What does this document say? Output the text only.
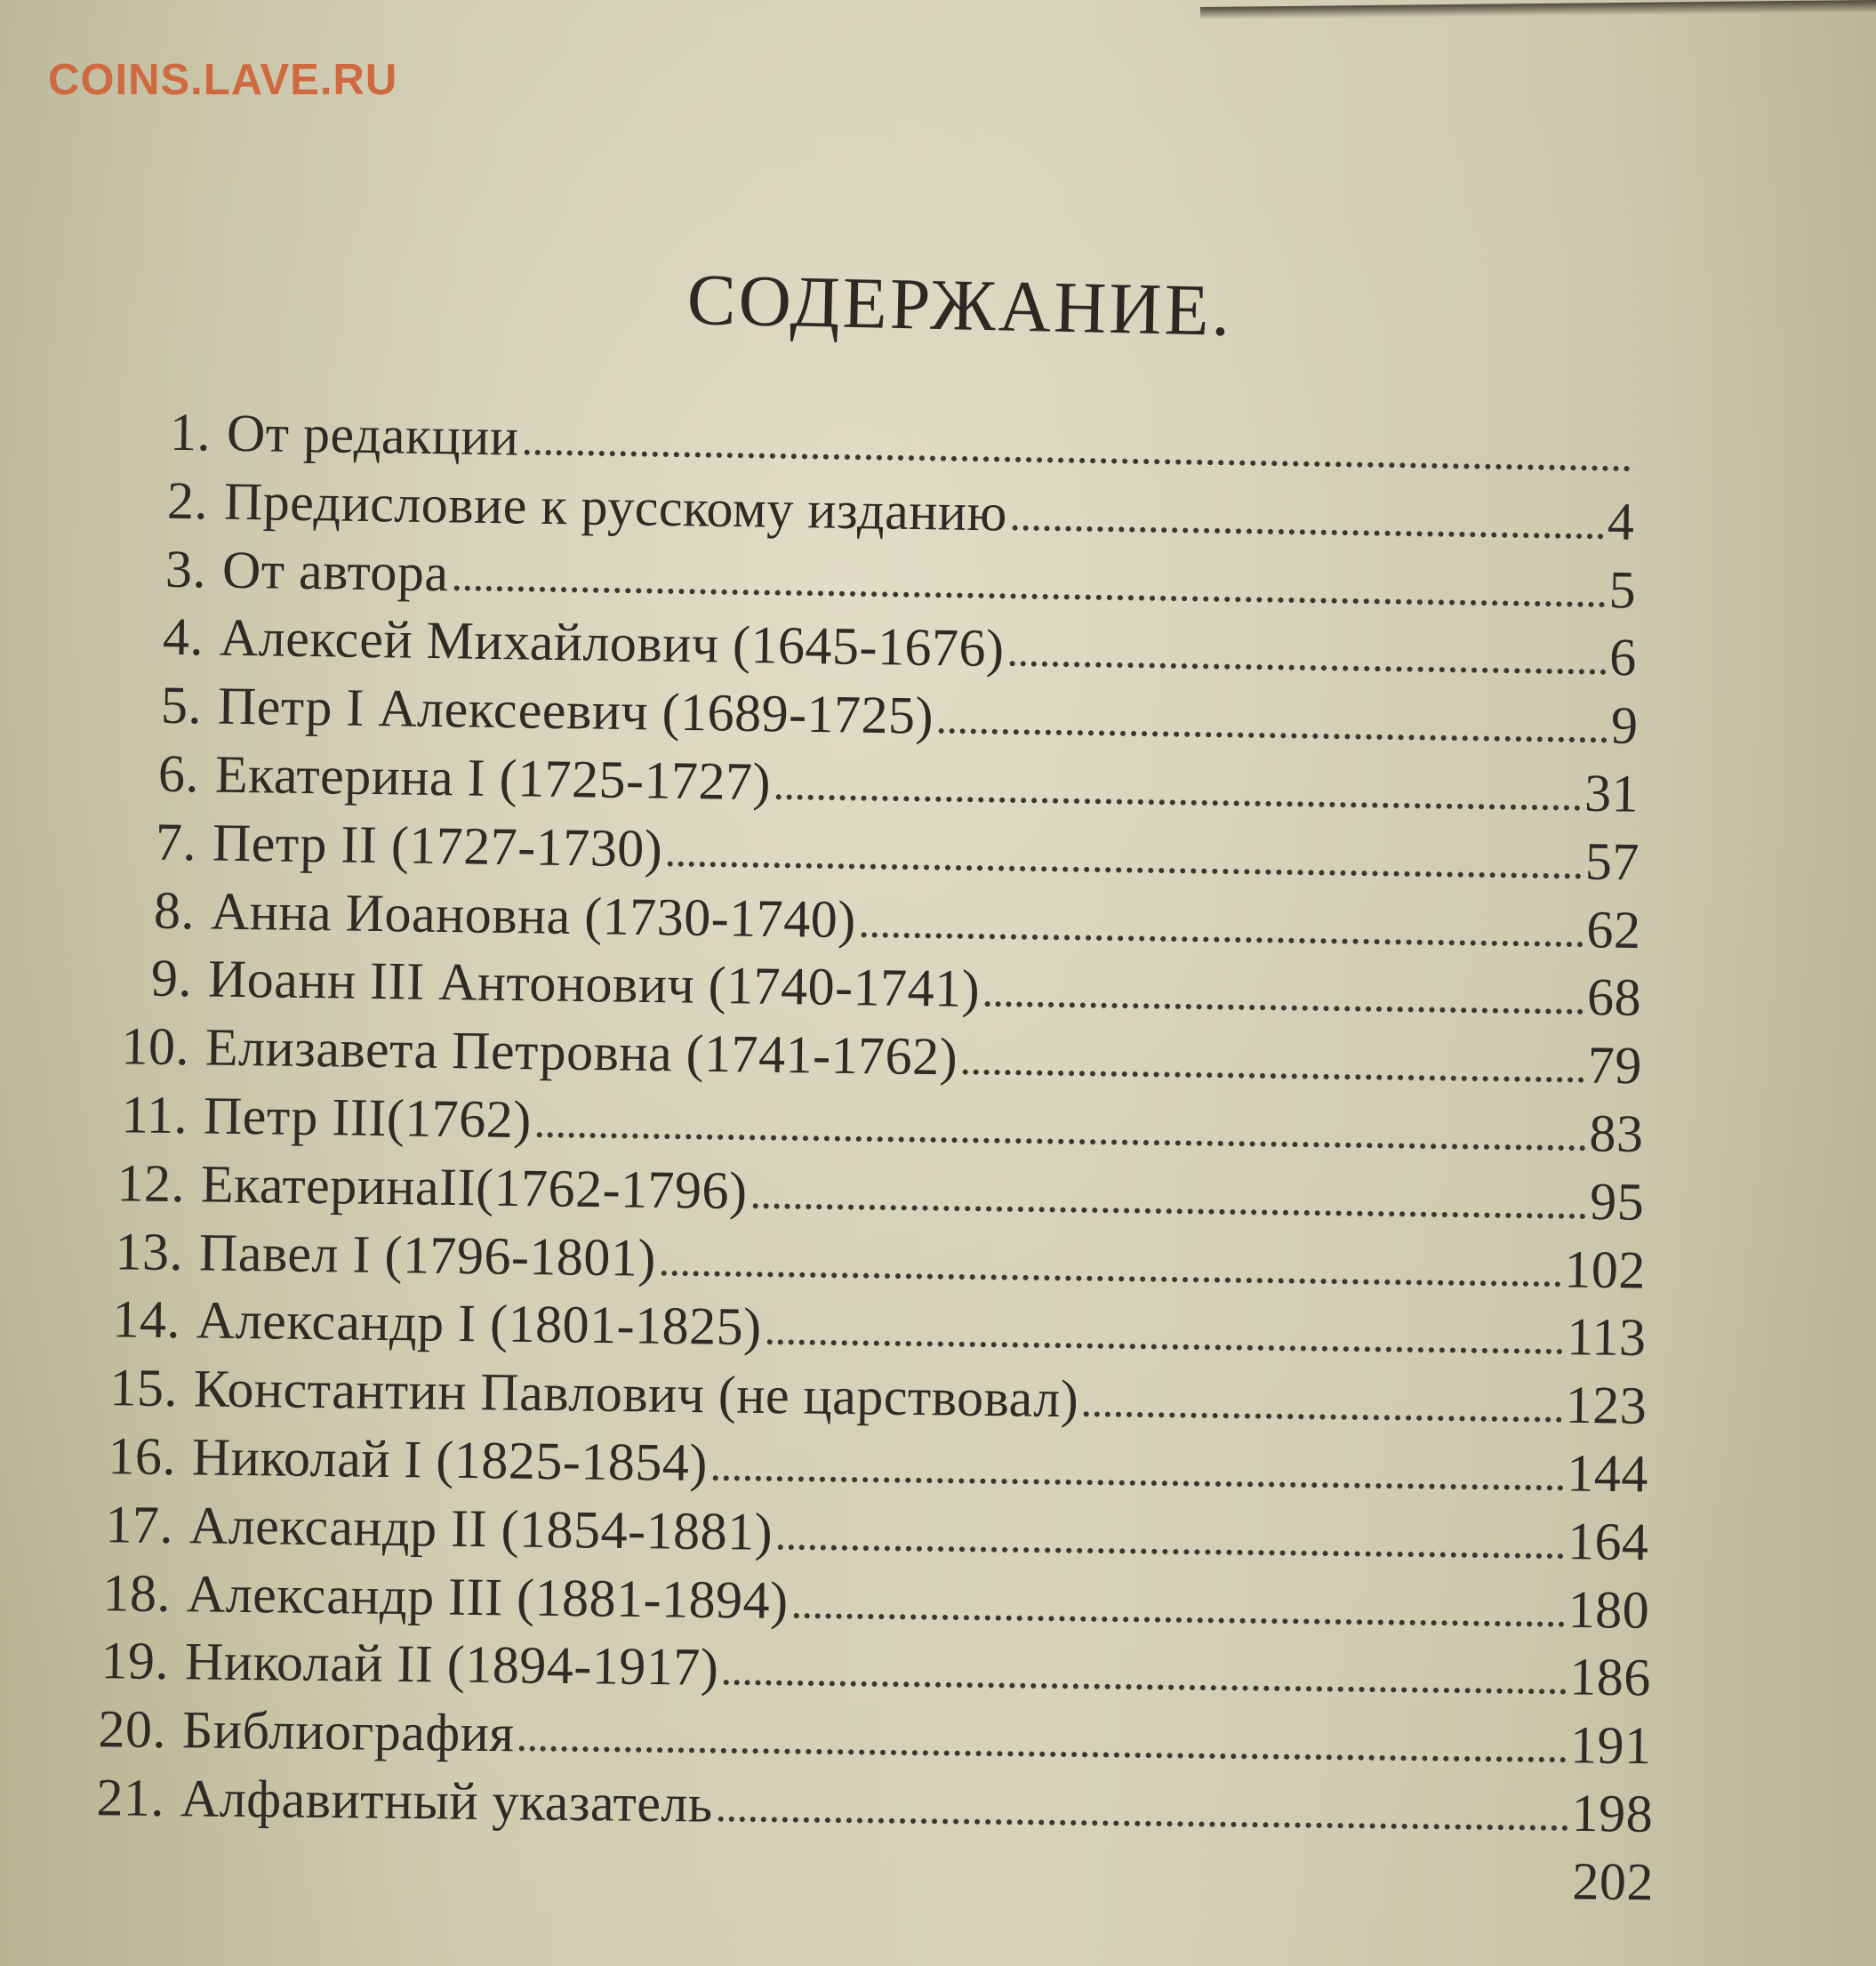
COINS.LAVE.RU
СОДЕРЖАНИЕ.
1. От редакции
2. Предисловие к русскому изданию	4
3. От автора	5
4. Алексей Михайлович (1645-1676)	6
5. Петр I Алексеевич (1689-1725)	9
6. Екатерина I (1725-1727)	31
7. Петр II (1727-1730)	57
8. Анна Иоановна (1730-1740)	62
9. Иоанн III Антонович (1740-1741)	68
10. Елизавета Петровна (1741-1762)	79
11. Петр III(1762)	83
12. ЕкатеринаII(1762-1796)	95
13. Павел I (1796-1801)	102
14. Александр I (1801-1825)	113
15. Константин Павлович (не царствовал)	123
16. Николай I (1825-1854)	144
17. Александр II (1854-1881)	164
18. Александр III (1881-1894)	180
19. Николай II (1894-1917)	186
20. Библиография	191
21. Алфавитный указатель	198
202
